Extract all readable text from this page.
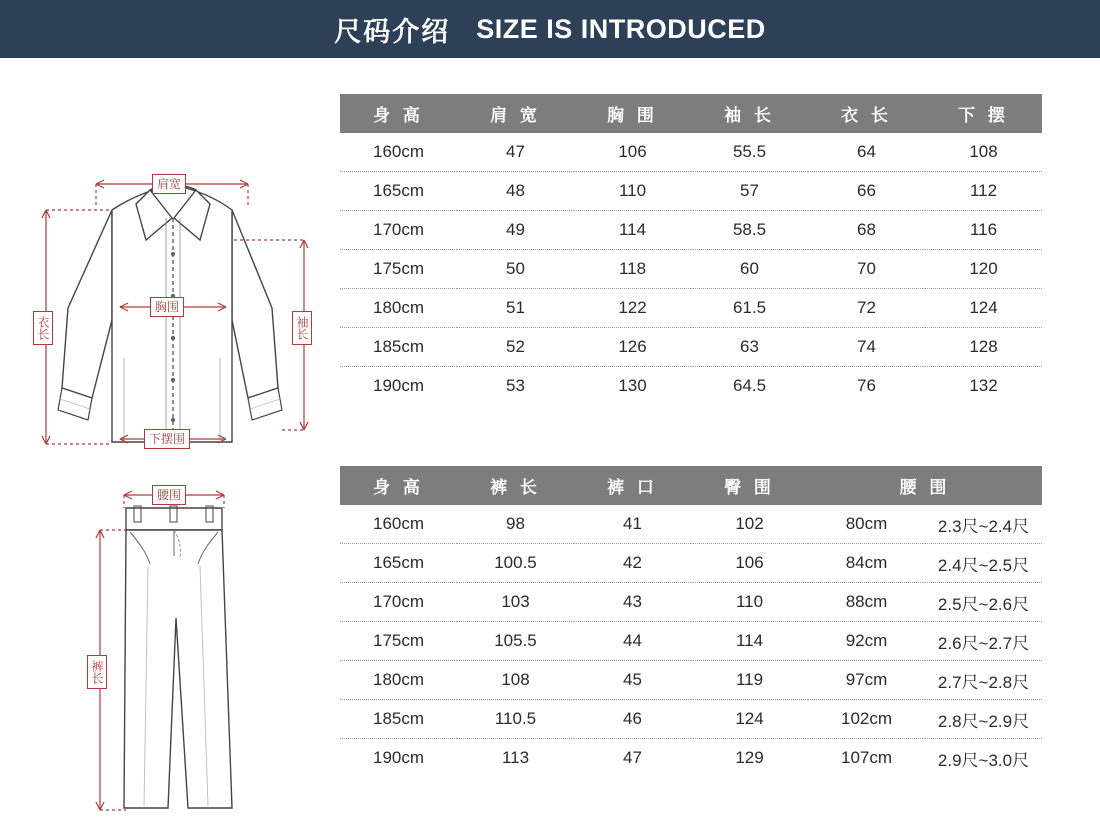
尺码介绍 SIZE IS INTRODUCED
肩宽
胸围
下摆围
衣长	袖长
身 高	肩 宽	胸 围	袖 长	衣 长	下 摆
160cm	47	106	55.5	64	108
165cm	48	110	57	66	112
170cm	49	114	58.5	68	116
175cm	50	118	60	70	120
180cm	51	122	61.5	72	124
185cm	52	126	63	74	128
190cm	53	130	64.5	76	132
腰围
裤长
身 高	裤 长	裤 口	臀 围	腰 围	
160cm	98	41	102	80cm	2.3尺~2.4尺
165cm	100.5	42	106	84cm	2.4尺~2.5尺
170cm	103	43	110	88cm	2.5尺~2.6尺
175cm	105.5	44	114	92cm	2.6尺~2.7尺
180cm	108	45	119	97cm	2.7尺~2.8尺
185cm	110.5	46	124	102cm	2.8尺~2.9尺
190cm	113	47	129	107cm	2.9尺~3.0尺
